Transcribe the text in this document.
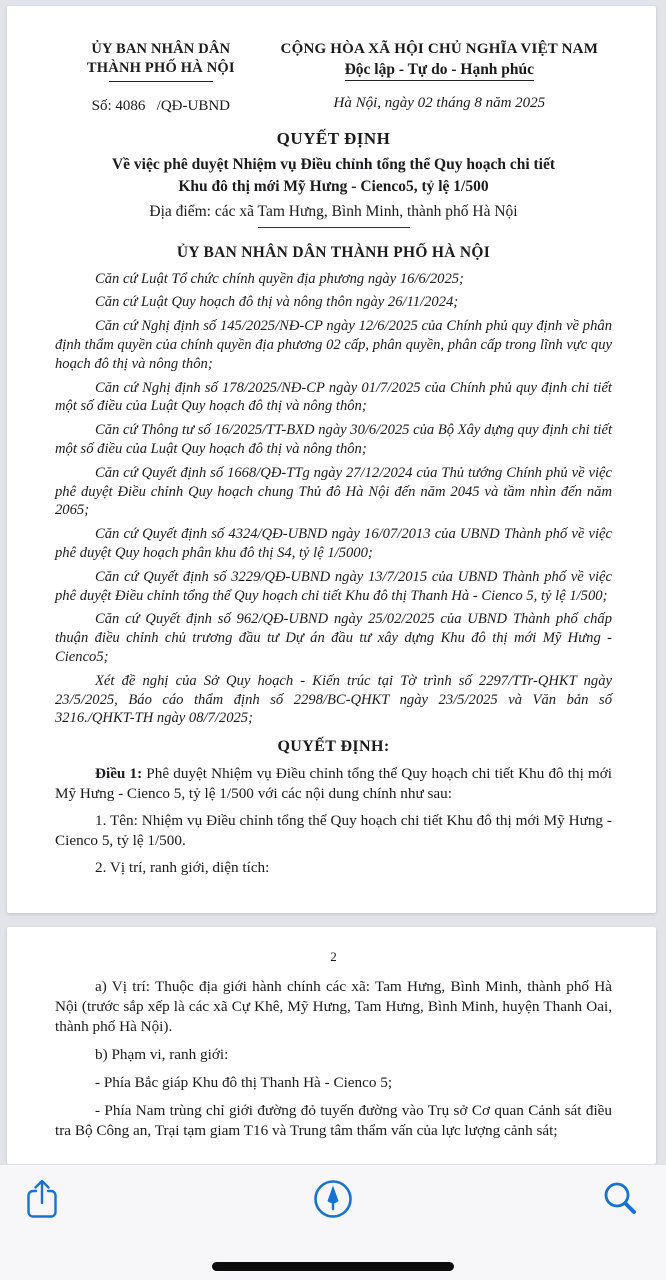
ỦY BAN NHÂN DÂN
THÀNH PHỐ HÀ NỘI
Số: 4086   /QĐ-UBND
CỘNG HÒA XÃ HỘI CHỦ NGHĨA VIỆT NAM
Độc lập - Tự do - Hạnh phúc
Hà Nội, ngày 02 tháng 8 năm 2025
QUYẾT ĐỊNH
Về việc phê duyệt Nhiệm vụ Điều chỉnh tổng thể Quy hoạch chi tiết
Khu đô thị mới Mỹ Hưng - Cienco5, tỷ lệ 1/500
Địa điểm: các xã Tam Hưng, Bình Minh, thành phố Hà Nội
ỦY BAN NHÂN DÂN THÀNH PHỐ HÀ NỘI

Căn cứ Luật Tổ chức chính quyền địa phương ngày 16/6/2025;

Căn cứ Luật Quy hoạch đô thị và nông thôn ngày 26/11/2024;

Căn cứ Nghị định số 145/2025/NĐ-CP ngày 12/6/2025 của Chính phủ quy định về phân định thẩm quyền của chính quyền địa phương 02 cấp, phân quyền, phân cấp trong lĩnh vực quy hoạch đô thị và nông thôn;

Căn cứ Nghị định số 178/2025/NĐ-CP ngày 01/7/2025 của Chính phủ quy định chi tiết một số điều của Luật Quy hoạch đô thị và nông thôn;

Căn cứ Thông tư số 16/2025/TT-BXD ngày 30/6/2025 của Bộ Xây dựng quy định chi tiết một số điều của Luật Quy hoạch đô thị và nông thôn;

Căn cứ Quyết định số 1668/QĐ-TTg ngày 27/12/2024 của Thủ tướng Chính phủ về việc phê duyệt Điều chỉnh Quy hoạch chung Thủ đô Hà Nội đến năm 2045 và tầm nhìn đến năm 2065;

Căn cứ Quyết định số 4324/QĐ-UBND ngày 16/07/2013 của UBND Thành phố về việc phê duyệt Quy hoạch phân khu đô thị S4, tỷ lệ 1/5000;

Căn cứ Quyết định số 3229/QĐ-UBND ngày 13/7/2015 của UBND Thành phố về việc phê duyệt Điều chỉnh tổng thể Quy hoạch chi tiết Khu đô thị Thanh Hà - Cienco 5, tỷ lệ 1/500;

Căn cứ Quyết định số 962/QĐ-UBND ngày 25/02/2025 của UBND Thành phố chấp thuận điều chỉnh chủ trương đầu tư Dự án đầu tư xây dựng Khu đô thị mới Mỹ Hưng - Cienco5;

Xét đề nghị của Sở Quy hoạch - Kiến trúc tại Tờ trình số 2297/TTr-QHKT ngày 23/5/2025, Báo cáo thẩm định số 2298/BC-QHKT ngày 23/5/2025 và Văn bản số 3216./QHKT-TH ngày 08/7/2025;

QUYẾT ĐỊNH:

Điều 1: Phê duyệt Nhiệm vụ Điều chỉnh tổng thể Quy hoạch chi tiết Khu đô thị mới Mỹ Hưng - Cienco 5, tỷ lệ 1/500 với các nội dung chính như sau:

1. Tên: Nhiệm vụ Điều chỉnh tổng thể Quy hoạch chi tiết Khu đô thị mới Mỹ Hưng - Cienco 5, tỷ lệ 1/500.

2. Vị trí, ranh giới, diện tích:

2

a) Vị trí: Thuộc địa giới hành chính các xã: Tam Hưng, Bình Minh, thành phố Hà Nội (trước sắp xếp là các xã Cự Khê, Mỹ Hưng, Tam Hưng, Bình Minh, huyện Thanh Oai, thành phố Hà Nội).

b) Phạm vi, ranh giới:

- Phía Bắc giáp Khu đô thị Thanh Hà - Cienco 5;

- Phía Nam trùng chỉ giới đường đỏ tuyến đường vào Trụ sở Cơ quan Cảnh sát điều tra Bộ Công an, Trại tạm giam T16 và Trung tâm thẩm vấn của lực lượng cảnh sát;
